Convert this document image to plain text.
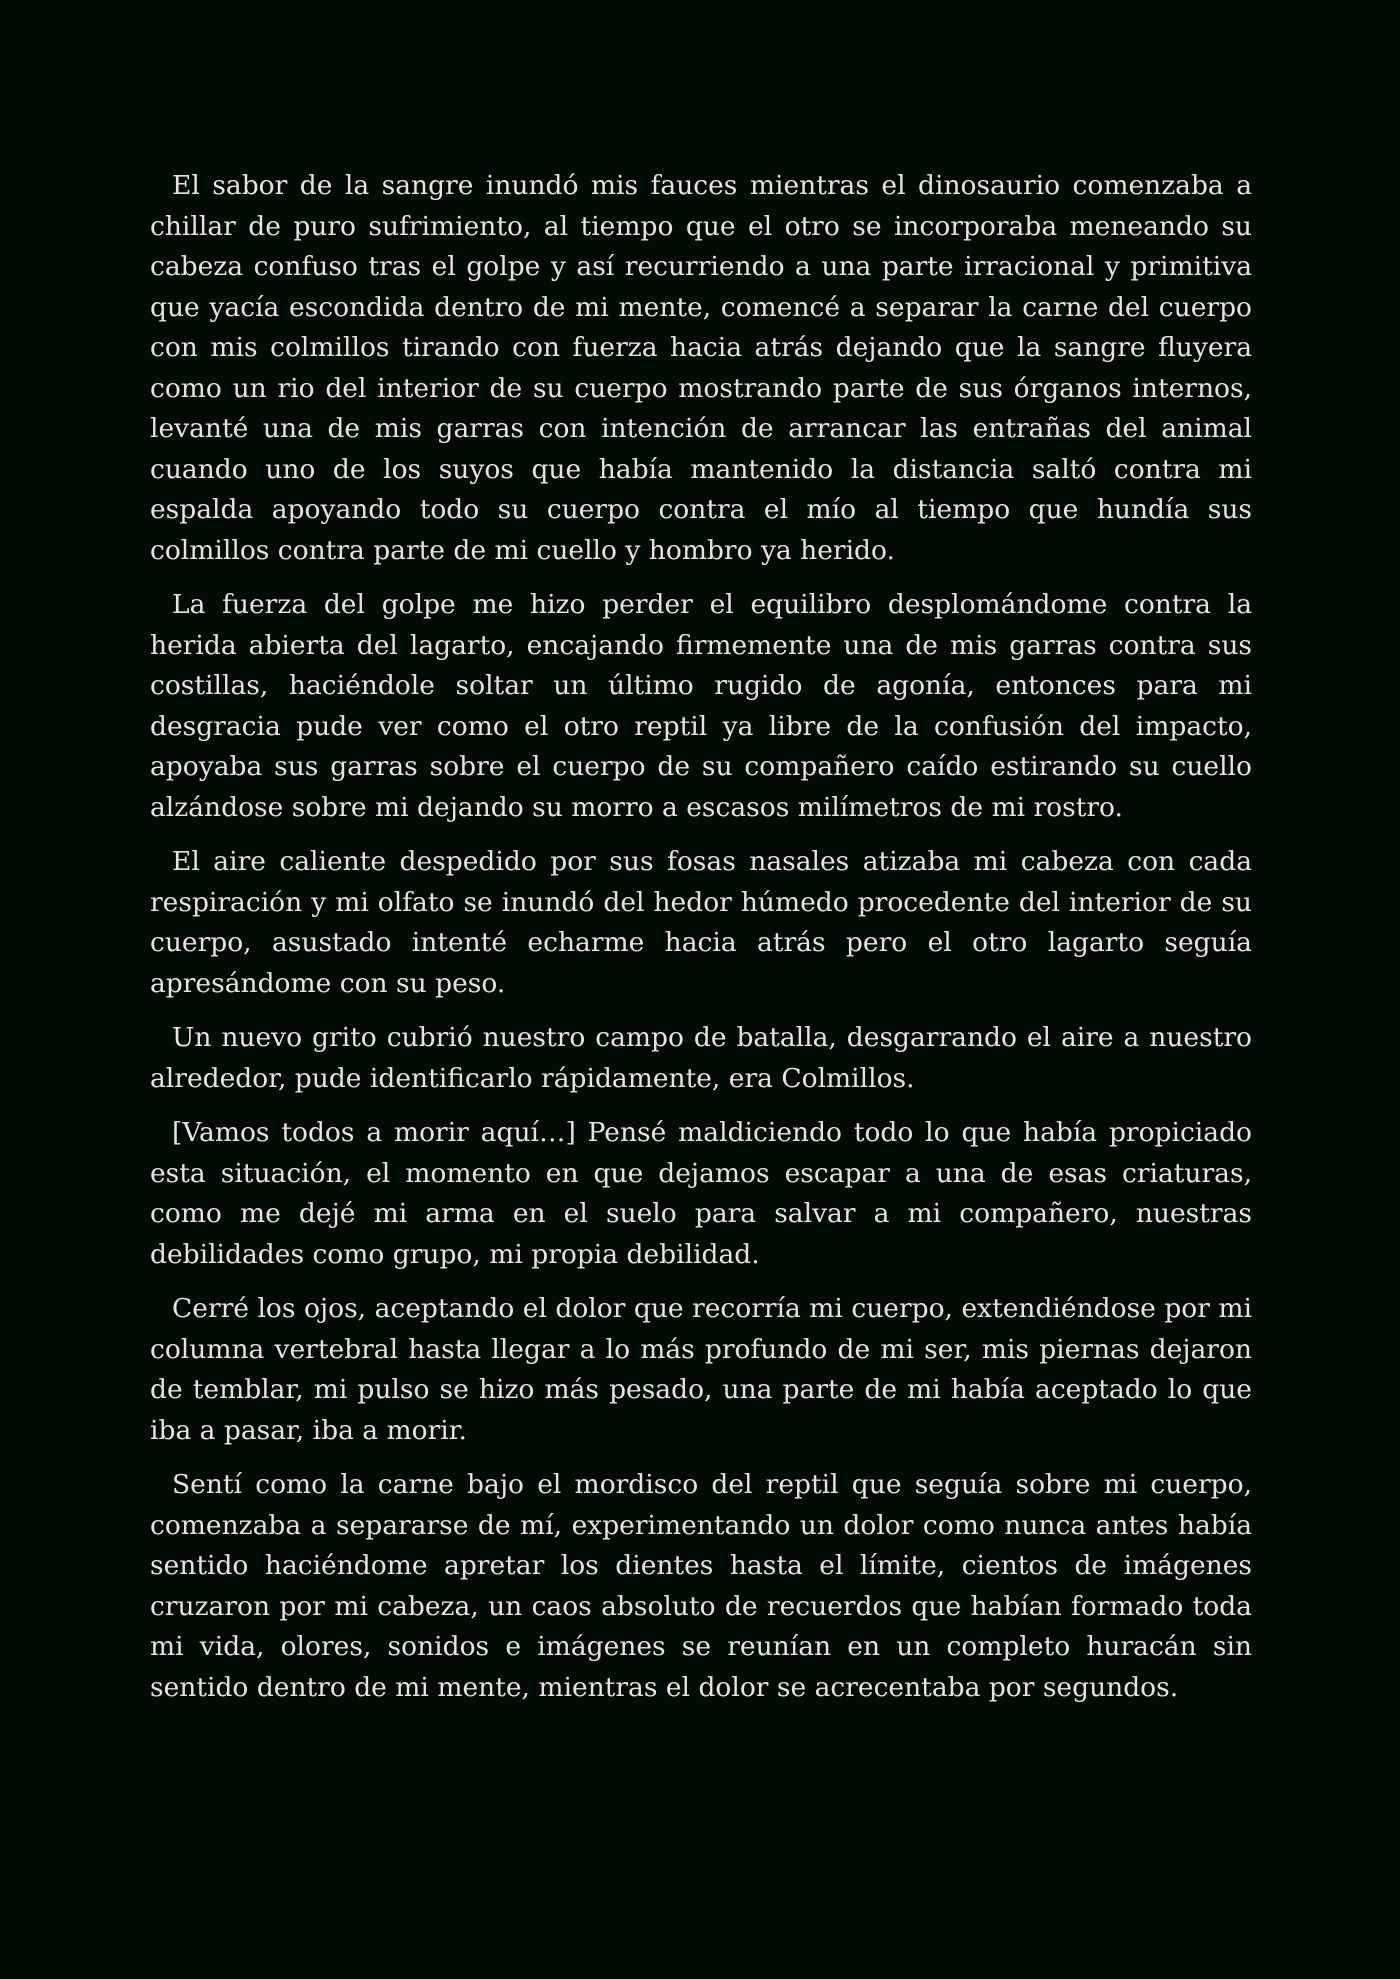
El sabor de la sangre inundó mis fauces mientras el dinosaurio comenzaba a chillar de puro sufrimiento, al tiempo que el otro se incorporaba meneando su cabeza confuso tras el golpe y así recurriendo a una parte irracional y primitiva que yacía escondida dentro de mi mente, comencé a separar la carne del cuerpo con mis colmillos tirando con fuerza hacia atrás dejando que la sangre fluyera como un rio del interior de su cuerpo mostrando parte de sus órganos internos, levanté una de mis garras con intención de arrancar las entrañas del animal cuando uno de los suyos que había mantenido la distancia saltó contra mi espalda apoyando todo su cuerpo contra el mío al tiempo que hundía sus colmillos contra parte de mi cuello y hombro ya herido.

La fuerza del golpe me hizo perder el equilibro desplomándome contra la herida abierta del lagarto, encajando firmemente una de mis garras contra sus costillas, haciéndole soltar un último rugido de agonía, entonces para mi desgracia pude ver como el otro reptil ya libre de la confusión del impacto, apoyaba sus garras sobre el cuerpo de su compañero caído estirando su cuello alzándose sobre mi dejando su morro a escasos milímetros de mi rostro.

El aire caliente despedido por sus fosas nasales atizaba mi cabeza con cada respiración y mi olfato se inundó del hedor húmedo procedente del interior de su cuerpo, asustado intenté echarme hacia atrás pero el otro lagarto seguía apresándome con su peso.

Un nuevo grito cubrió nuestro campo de batalla, desgarrando el aire a nuestro alrededor, pude identificarlo rápidamente, era Colmillos.

[Vamos todos a morir aquí…] Pensé maldiciendo todo lo que había propiciado esta situación, el momento en que dejamos escapar a una de esas criaturas, como me dejé mi arma en el suelo para salvar a mi compañero, nuestras debilidades como grupo, mi propia debilidad.

Cerré los ojos, aceptando el dolor que recorría mi cuerpo, extendiéndose por mi columna vertebral hasta llegar a lo más profundo de mi ser, mis piernas dejaron de temblar, mi pulso se hizo más pesado, una parte de mi había aceptado lo que iba a pasar, iba a morir.

Sentí como la carne bajo el mordisco del reptil que seguía sobre mi cuerpo, comenzaba a separarse de mí, experimentando un dolor como nunca antes había sentido haciéndome apretar los dientes hasta el límite, cientos de imágenes cruzaron por mi cabeza, un caos absoluto de recuerdos que habían formado toda mi vida, olores, sonidos e imágenes se reunían en un completo huracán sin sentido dentro de mi mente, mientras el dolor se acrecentaba por segundos.
